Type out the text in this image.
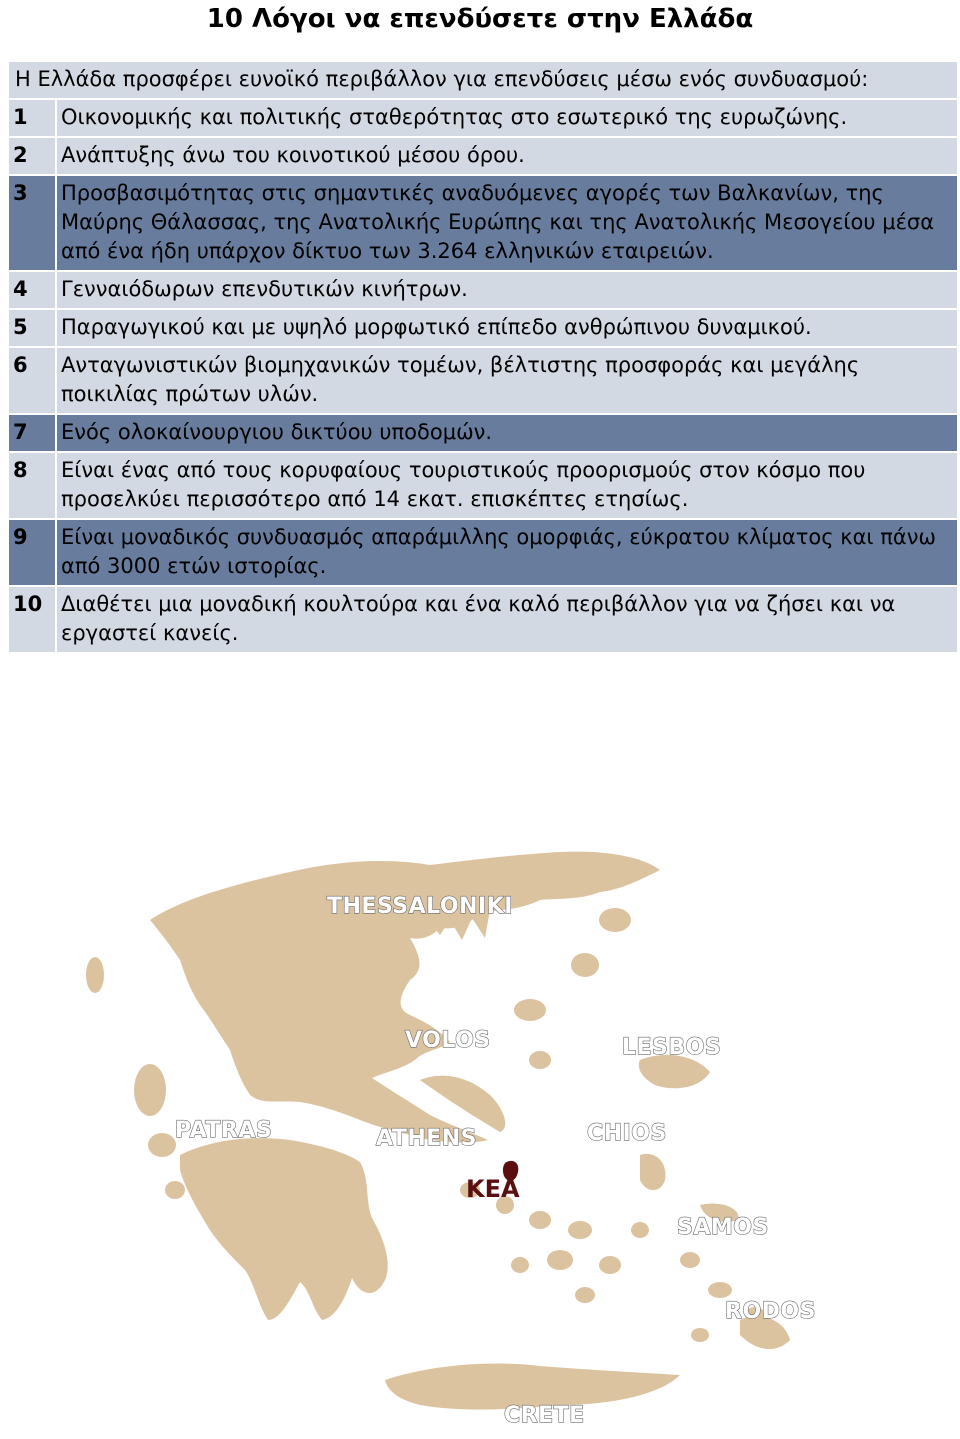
10 Λόγοι να επενδύσετε στην Ελλάδα
Η Ελλάδα προσφέρει ευνοϊκό περιβάλλον για επενδύσεις μέσω ενός συνδυασμού:	
1	Οικονομικής και πολιτικής σταθερότητας στο εσωτερικό της ευρωζώνης.
2	Ανάπτυξης άνω του κοινοτικού μέσου όρου.
3	Προσβασιμότητας στις σημαντικές αναδυόμενες αγορές των Βαλκανίων, της Μαύρης Θάλασσας, της Ανατολικής Ευρώπης και της Ανατολικής Μεσογείου μέσα από ένα ήδη υπάρχον δίκτυο των 3.264 ελληνικών εταιρειών.
4	Γενναιόδωρων επενδυτικών κινήτρων.
5	Παραγωγικού και με υψηλό μορφωτικό επίπεδο ανθρώπινου δυναμικού.
6	Ανταγωνιστικών βιομηχανικών τομέων, βέλτιστης προσφοράς και μεγάλης ποικιλίας πρώτων υλών.
7	Ενός ολοκαίνουργιου δικτύου υποδομών.
8	Είναι ένας από τους κορυφαίους τουριστικούς προορισμούς στον κόσμο που προσελκύει περισσότερο από 14 εκατ. επισκέπτες ετησίως.
9	Είναι μοναδικός συνδυασμός απαράμιλλης ομορφιάς, εύκρατου κλίματος και πάνω από 3000 ετών ιστορίας.
10	Διαθέτει μια μοναδική κουλτούρα και ένα καλό περιβάλλον για να ζήσει και να εργαστεί κανείς.
THESSALONIKI
VOLOS	LESBOS
PATRAS	ATHENS	CHIOS
KEA
SAMOS
RODOS
CRETE
